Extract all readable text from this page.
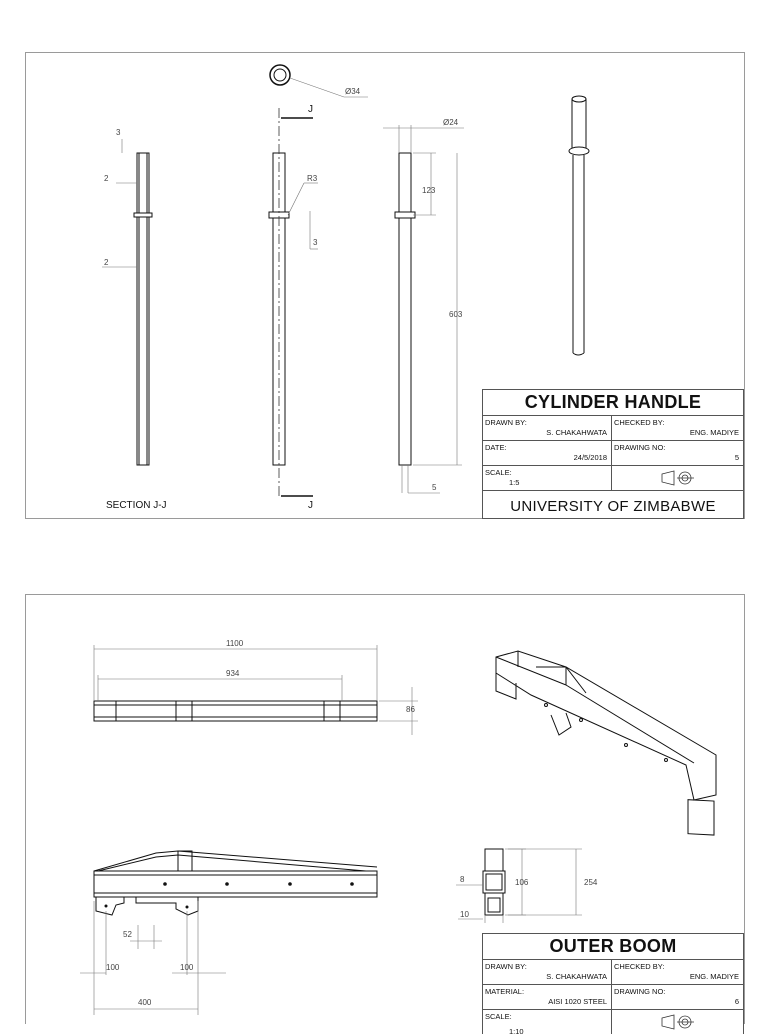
Ø34
Ø24
3
2
2
R3
3
123
603
5
J
J
SECTION J-J
CYLINDER HANDLE
DRAWN BY:
S. CHAKAHWATA
CHECKED BY:
ENG. MADIYE
DATE:
24/5/2018
DRAWING NO:
5
SCALE:
1:5
UNIVERSITY OF ZIMBABWE
1100
934
86
8	106	254
10
52
100	100
400
OUTER BOOM
DRAWN BY:
S. CHAKAHWATA
CHECKED BY:
ENG. MADIYE
MATERIAL:
AISI 1020 STEEL
DRAWING NO:
6
SCALE:
1:10
